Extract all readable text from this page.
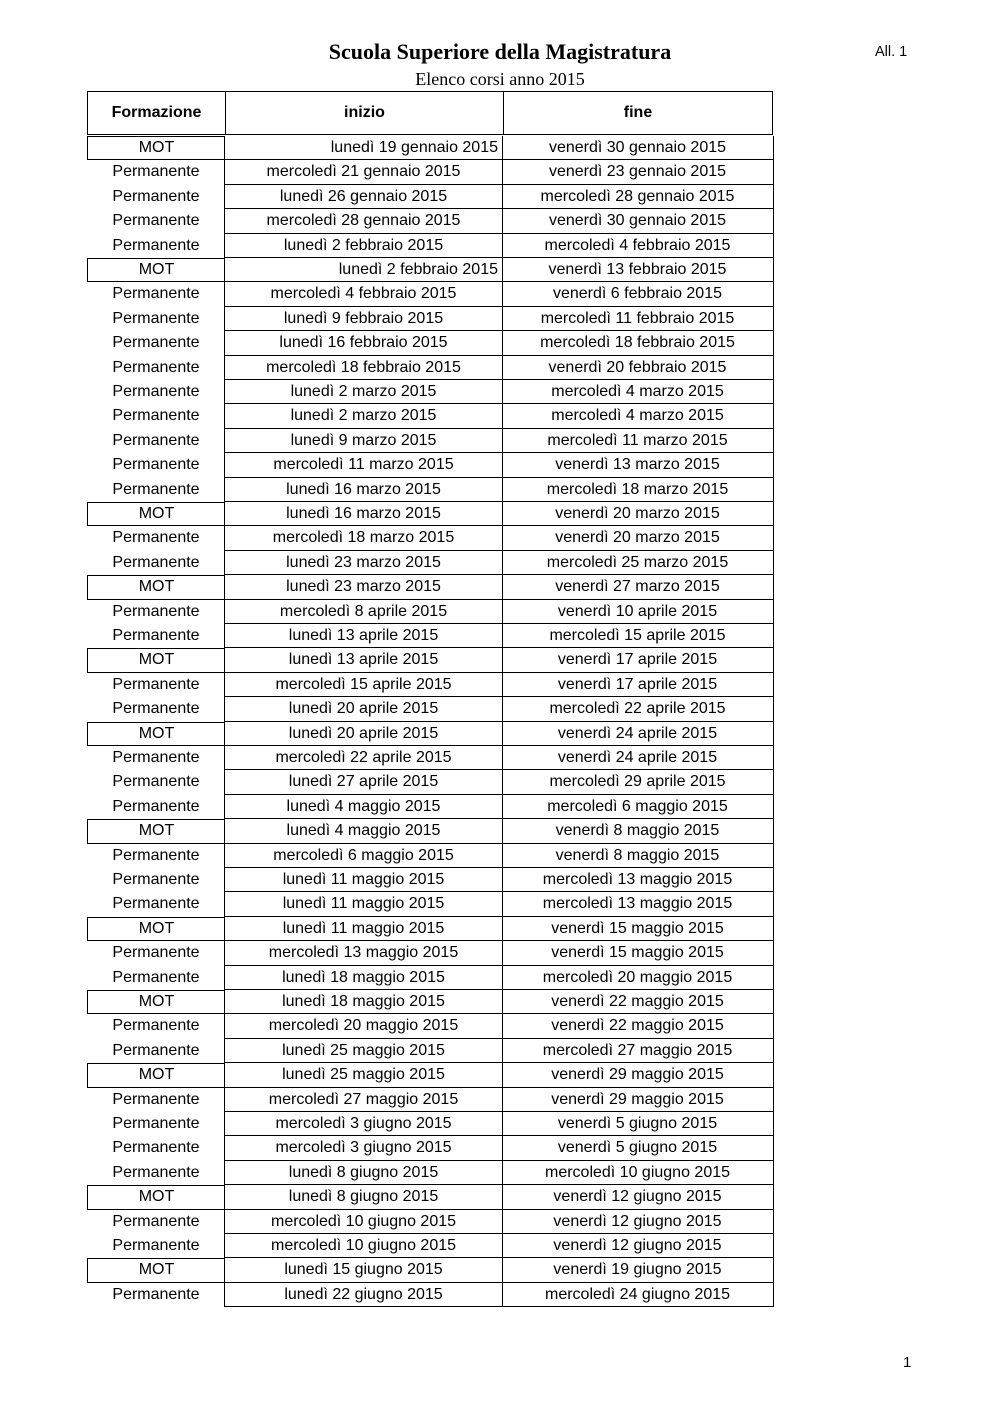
Scuola Superiore della Magistratura
Elenco corsi anno 2015
All. 1
Formazione	inizio	fine
MOT	lunedì 19 gennaio 2015	venerdì 30 gennaio 2015
Permanente	mercoledì 21 gennaio 2015	venerdì 23 gennaio 2015
Permanente	lunedì 26 gennaio 2015	mercoledì 28 gennaio 2015
Permanente	mercoledì 28 gennaio 2015	venerdì 30 gennaio 2015
Permanente	lunedì 2 febbraio 2015	mercoledì 4 febbraio 2015
MOT	lunedì 2 febbraio 2015	venerdì 13 febbraio 2015
Permanente	mercoledì 4 febbraio 2015	venerdì 6 febbraio 2015
Permanente	lunedì 9 febbraio 2015	mercoledì 11 febbraio 2015
Permanente	lunedì 16 febbraio 2015	mercoledì 18 febbraio 2015
Permanente	mercoledì 18 febbraio 2015	venerdì 20 febbraio 2015
Permanente	lunedì 2 marzo 2015	mercoledì 4 marzo 2015
Permanente	lunedì 2 marzo 2015	mercoledì 4 marzo 2015
Permanente	lunedì 9 marzo 2015	mercoledì 11 marzo 2015
Permanente	mercoledì 11 marzo 2015	venerdì 13 marzo 2015
Permanente	lunedì 16 marzo 2015	mercoledì 18 marzo 2015
MOT	lunedì 16 marzo 2015	venerdì 20 marzo 2015
Permanente	mercoledì 18 marzo 2015	venerdì 20 marzo 2015
Permanente	lunedì 23 marzo 2015	mercoledì 25 marzo 2015
MOT	lunedì 23 marzo 2015	venerdì 27 marzo 2015
Permanente	mercoledì 8 aprile 2015	venerdì 10 aprile 2015
Permanente	lunedì 13 aprile 2015	mercoledì 15 aprile 2015
MOT	lunedì 13 aprile 2015	venerdì 17 aprile 2015
Permanente	mercoledì 15 aprile 2015	venerdì 17 aprile 2015
Permanente	lunedì 20 aprile 2015	mercoledì 22 aprile 2015
MOT	lunedì 20 aprile 2015	venerdì 24 aprile 2015
Permanente	mercoledì 22 aprile 2015	venerdì 24 aprile 2015
Permanente	lunedì 27 aprile 2015	mercoledì 29 aprile 2015
Permanente	lunedì 4 maggio 2015	mercoledì 6 maggio 2015
MOT	lunedì 4 maggio 2015	venerdì 8 maggio 2015
Permanente	mercoledì 6 maggio 2015	venerdì 8 maggio 2015
Permanente	lunedì 11 maggio 2015	mercoledì 13 maggio 2015
Permanente	lunedì 11 maggio 2015	mercoledì 13 maggio 2015
MOT	lunedì 11 maggio 2015	venerdì 15 maggio 2015
Permanente	mercoledì 13 maggio 2015	venerdì 15 maggio 2015
Permanente	lunedì 18 maggio 2015	mercoledì 20 maggio 2015
MOT	lunedì 18 maggio 2015	venerdì 22 maggio 2015
Permanente	mercoledì 20 maggio 2015	venerdì 22 maggio 2015
Permanente	lunedì 25 maggio 2015	mercoledì 27 maggio 2015
MOT	lunedì 25 maggio 2015	venerdì 29 maggio 2015
Permanente	mercoledì 27 maggio 2015	venerdì 29 maggio 2015
Permanente	mercoledì 3 giugno 2015	venerdì 5 giugno 2015
Permanente	mercoledì 3 giugno 2015	venerdì 5 giugno 2015
Permanente	lunedì 8 giugno 2015	mercoledì 10 giugno 2015
MOT	lunedì 8 giugno 2015	venerdì 12 giugno 2015
Permanente	mercoledì 10 giugno 2015	venerdì 12 giugno 2015
Permanente	mercoledì 10 giugno 2015	venerdì 12 giugno 2015
MOT	lunedì 15 giugno 2015	venerdì 19 giugno 2015
Permanente	lunedì 22 giugno 2015	mercoledì 24 giugno 2015
1
